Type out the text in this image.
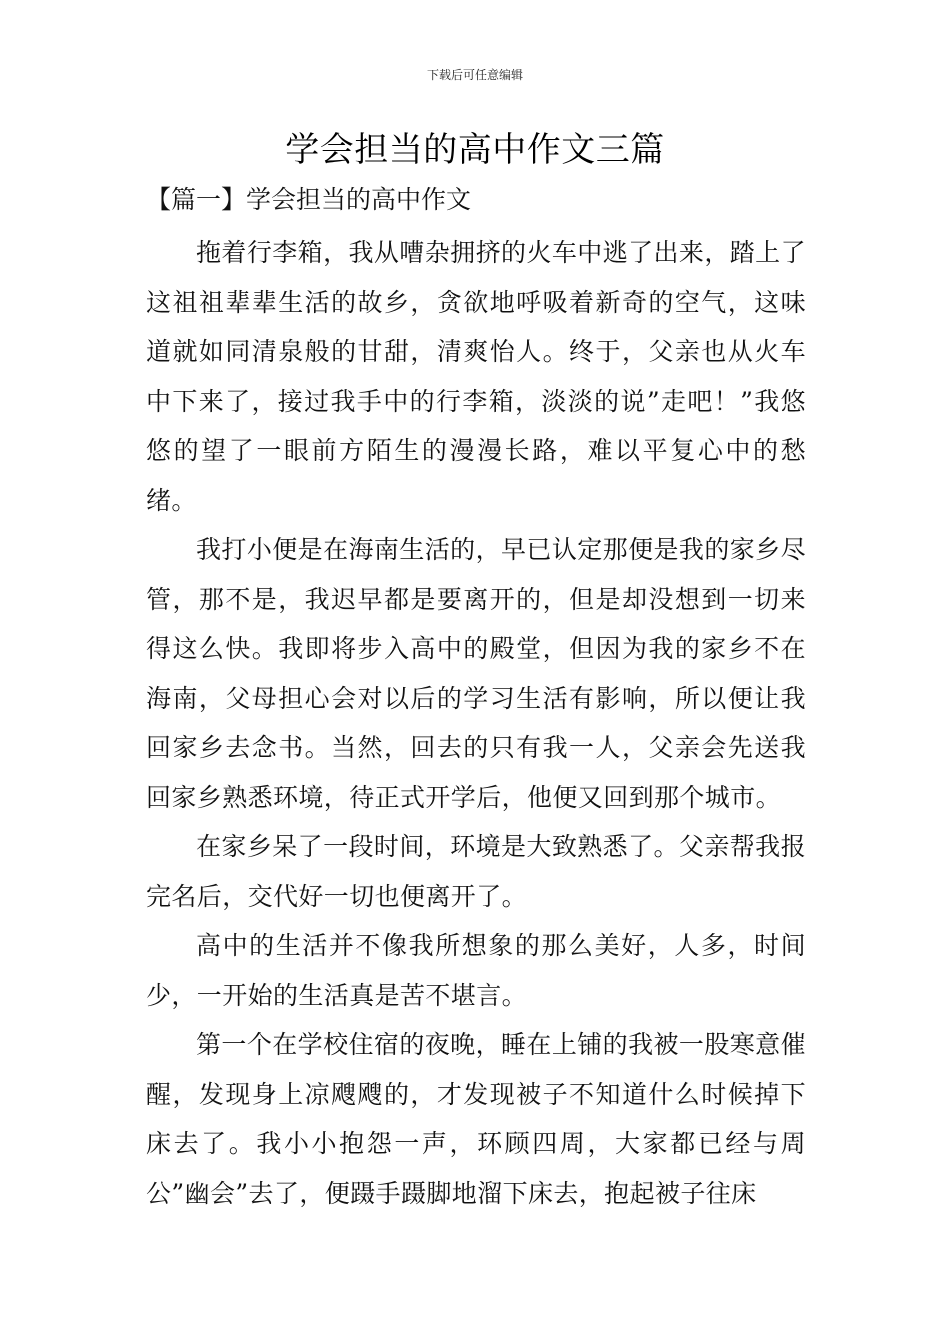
下载后可任意编辑
学会担当的高中作文三篇
【篇一】学会担当的高中作文

拖着行李箱，我从嘈杂拥挤的火车中逃了出来，踏上了这祖祖辈辈生活的故乡，贪欲地呼吸着新奇的空气，这味道就如同清泉般的甘甜，清爽怡人。终于，父亲也从火车中下来了，接过我手中的行李箱，淡淡的说”走吧！”我悠悠的望了一眼前方陌生的漫漫长路，难以平复心中的愁绪。

我打小便是在海南生活的，早已认定那便是我的家乡尽管，那不是，我迟早都是要离开的，但是却没想到一切来得这么快。我即将步入高中的殿堂，但因为我的家乡不在海南，父母担心会对以后的学习生活有影响，所以便让我回家乡去念书。当然，回去的只有我一人，父亲会先送我回家乡熟悉环境，待正式开学后，他便又回到那个城市。

在家乡呆了一段时间，环境是大致熟悉了。父亲帮我报完名后，交代好一切也便离开了。

高中的生活并不像我所想象的那么美好，人多，时间少，一开始的生活真是苦不堪言。

第一个在学校住宿的夜晚，睡在上铺的我被一股寒意催醒，发现身上凉飕飕的，才发现被子不知道什么时候掉下床去了。我小小抱怨一声，环顾四周，大家都已经与周公”幽会”去了，便蹑手蹑脚地溜下床去，抱起被子往床
